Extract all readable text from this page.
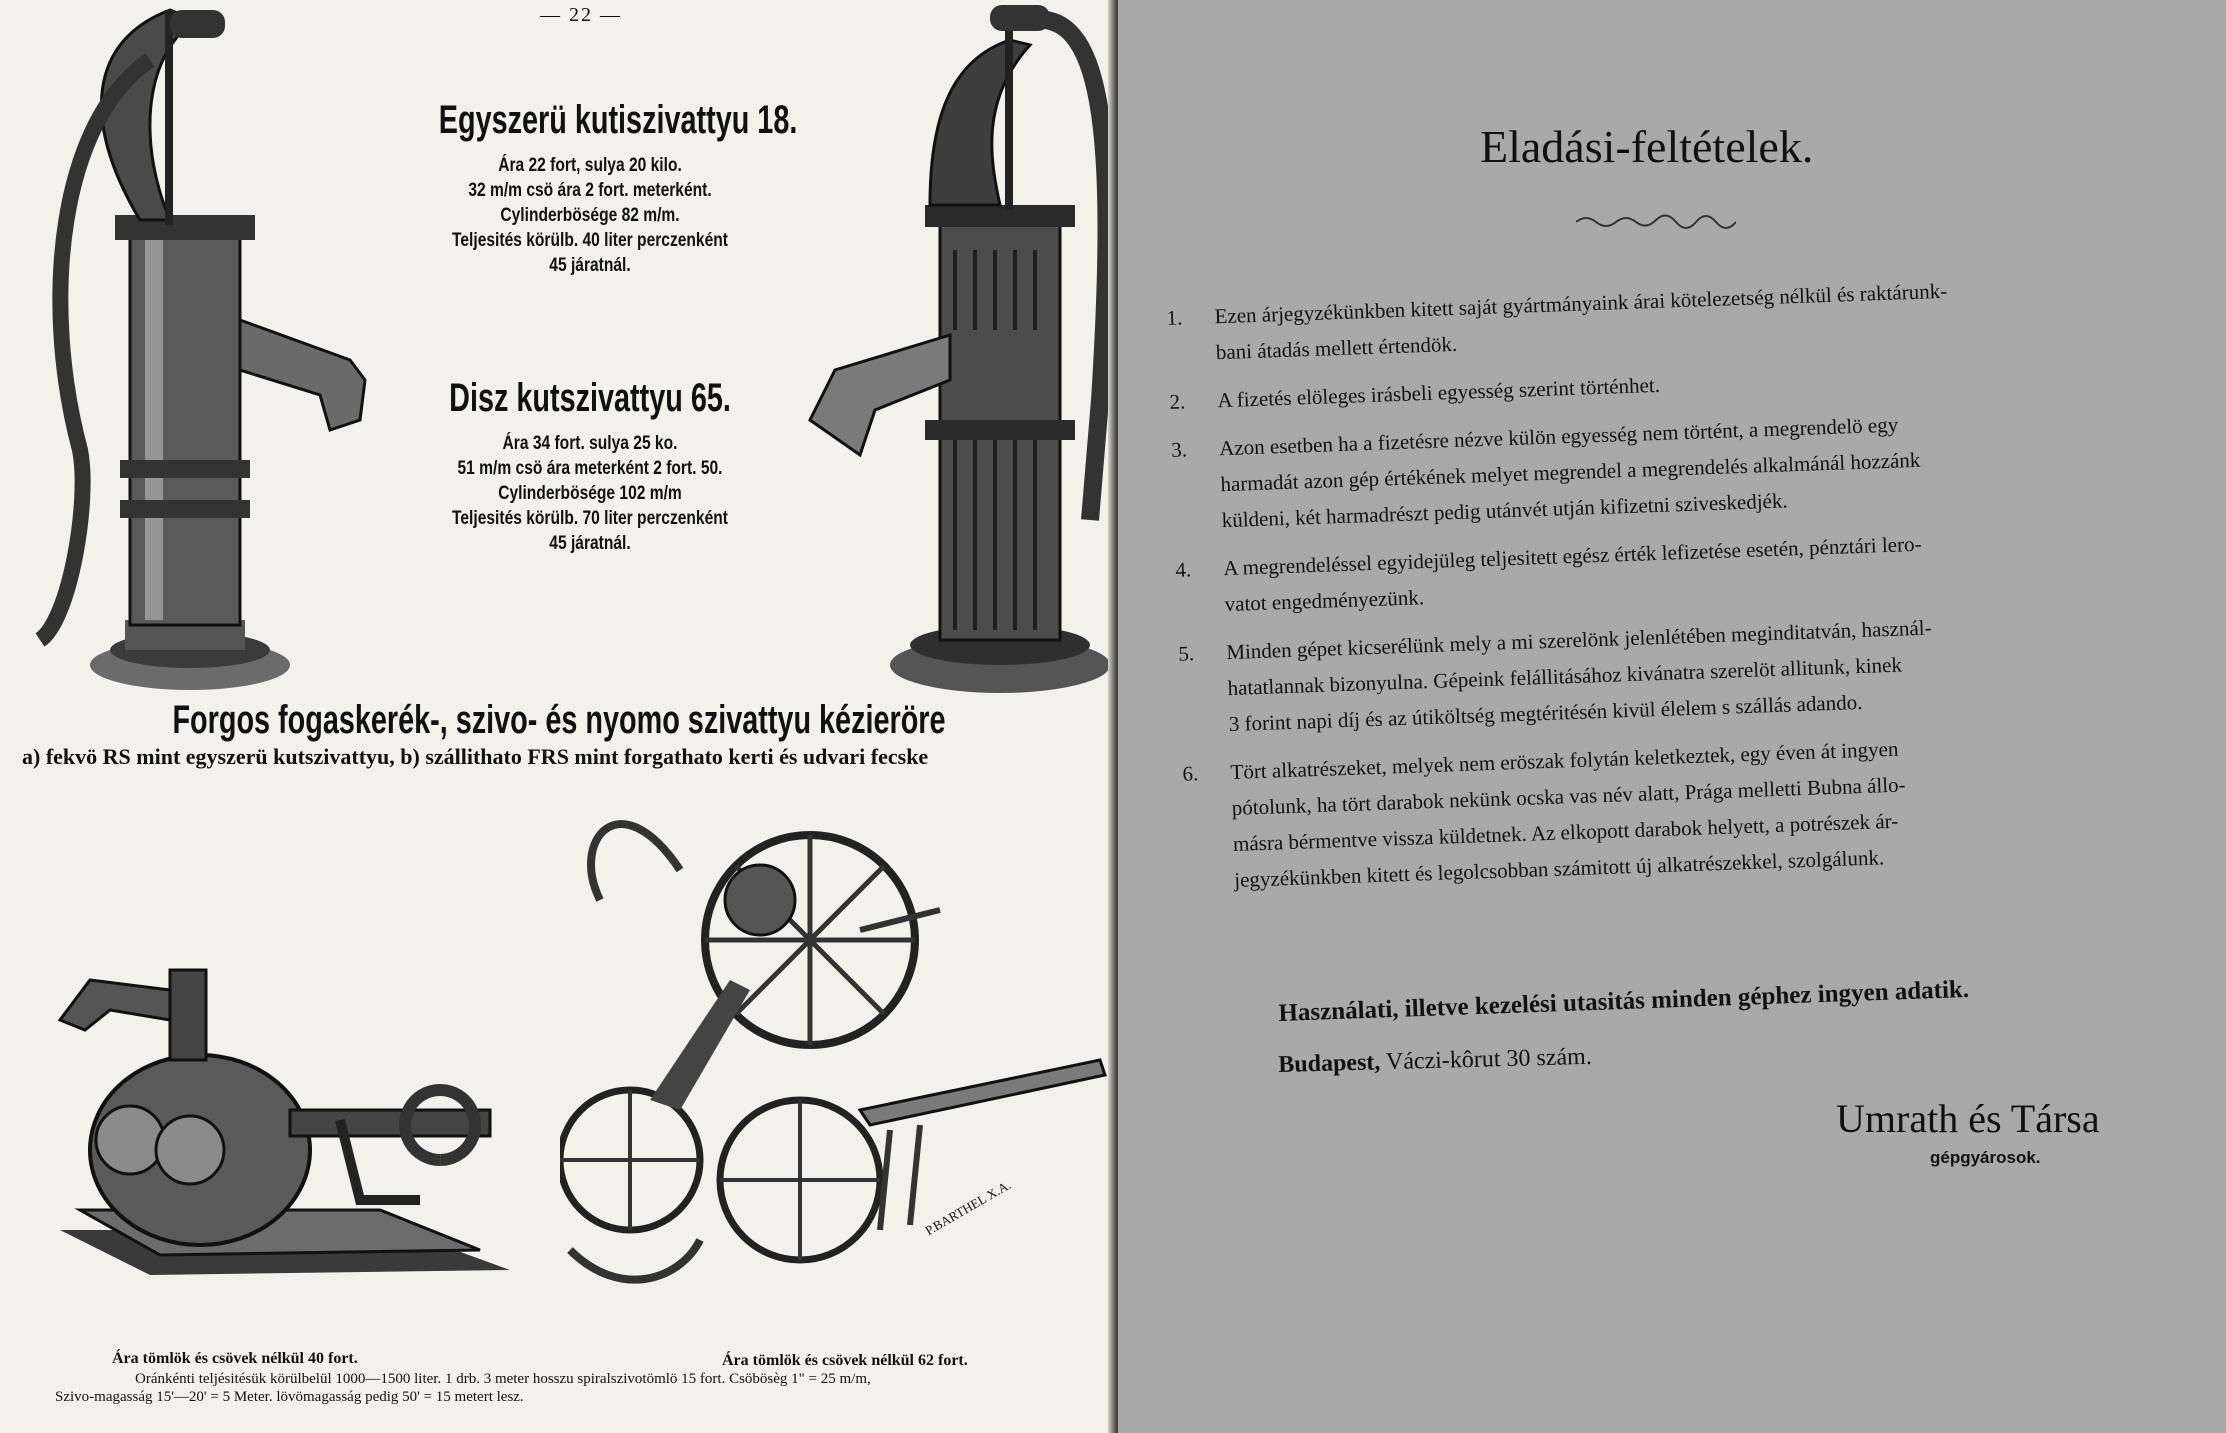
— 22 —
Egyszerü kutiszivattyu 18.
Ára 22 fort, sulya 20 kilo.
32 m/m csö ára 2 fort. meterként.
Cylinderbösége 82 m/m.
Teljesités körülb. 40 liter perczenként
45 járatnál.
Disz kutszivattyu 65.
Ára 34 fort. sulya 25 ko.
51 m/m csö ára meterként 2 fort. 50.
Cylinderbösége 102 m/m
Teljesités körülb. 70 liter perczenként
45 járatnál.
Forgos fogaskerék-, szivo- és nyomo szivattyu kézieröre
a) fekvö RS mint egyszerü kutszivattyu, b) szállithato FRS mint forgathato kerti és udvari fecske
P.BARTHEL X.A.
Ára tömlök és csövek nélkül 40 fort.	Ára tömlök és csövek nélkül 62 fort.
Oránkénti teljésitésük körülbelül 1000—1500 liter. 1 drb. 3 meter hosszu spiralszivotömlö 15 fort. Csöbösèg 1" = 25 m/m,
Szivo-magasság 15'—20' = 5 Meter. lövömagasság pedig 50' = 15 metert lesz.
Eladási-feltételek.
1. Ezen árjegyzékünkben kitett saját gyártmányaink árai kötelezetség nélkül és raktárunk-
bani átadás mellett értendök.
2. A fizetés elöleges irásbeli egyesség szerint történhet.
3. Azon esetben ha a fizetésre nézve külön egyesség nem történt, a megrendelö egy
harmadát azon gép értékének melyet megrendel a megrendelés alkalmánál hozzánk
küldeni, két harmadrészt pedig utánvét utján kifizetni sziveskedjék.
4. A megrendeléssel egyidejüleg teljesitett egész érték lefizetése esetén, pénztári lero-
vatot engedményezünk.
5. Minden gépet kicserélünk mely a mi szerelönk jelenlétében meginditatván, használ-
hatatlannak bizonyulna. Gépeink felállitásához kivánatra szerelöt allitunk, kinek
3 forint napi díj és az útiköltség megtéritésén kivül élelem s szállás adando.
6. Tört alkatrészeket, melyek nem eröszak folytán keletkeztek, egy éven át ingyen
pótolunk, ha tört darabok nekünk ocska vas név alatt, Prága melletti Bubna állo-
másra bérmentve vissza küldetnek. Az elkopott darabok helyett, a potrészek ár-
jegyzékünkben kitett és legolcsobban számitott új alkatrészekkel, szolgálunk.
Használati, illetve kezelési utasitás minden géphez ingyen adatik.
Budapest, Váczi-kôrut 30 szám.
Umrath és Társa
gépgyárosok.
